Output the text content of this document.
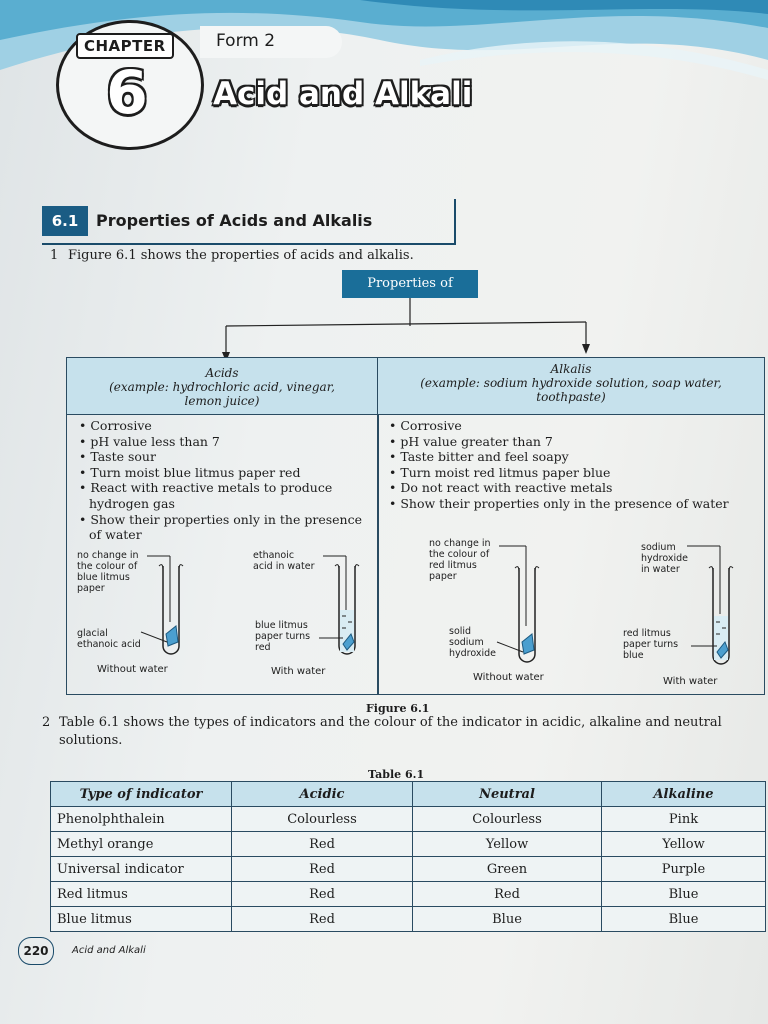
CHAPTER
6
Form 2
Acid and Alkali
6.1	Properties of Acids and Alkalis
1 Figure 6.1 shows the properties of acids and alkalis.
Properties of
Acids
(example: hydrochloric acid, vinegar,
lemon juice)
Alkalis
(example: sodium hydroxide solution, soap water,
toothpaste)
• Corrosive
• pH value less than 7
• Taste sour
• Turn moist blue litmus paper red
• React with reactive metals to produce hydrogen gas
• Show their properties only in the presence of water
• Corrosive
• pH value greater than 7
• Taste bitter and feel soapy
• Turn moist red litmus paper blue
• Do not react with reactive metals
• Show their properties only in the presence of water
no change in
the colour of
blue litmus
paper
glacial
ethanoic acid
Without water
ethanoic
acid in water
blue litmus
paper turns
red
With water
no change in
the colour of
red litmus
paper
solid
sodium
hydroxide
Without water
sodium
hydroxide
in water
red litmus
paper turns
blue
With water
Figure 6.1
2 Table 6.1 shows the types of indicators and the colour of the indicator in acidic, alkaline and neutral
solutions.
Table 6.1
Type of indicator	Acidic	Neutral	Alkaline
Phenolphthalein	Colourless	Colourless	Pink
Methyl orange	Red	Yellow	Yellow
Universal indicator	Red	Green	Purple
Red litmus	Red	Red	Blue
Blue litmus	Red	Blue	Blue
220	Acid and Alkali
